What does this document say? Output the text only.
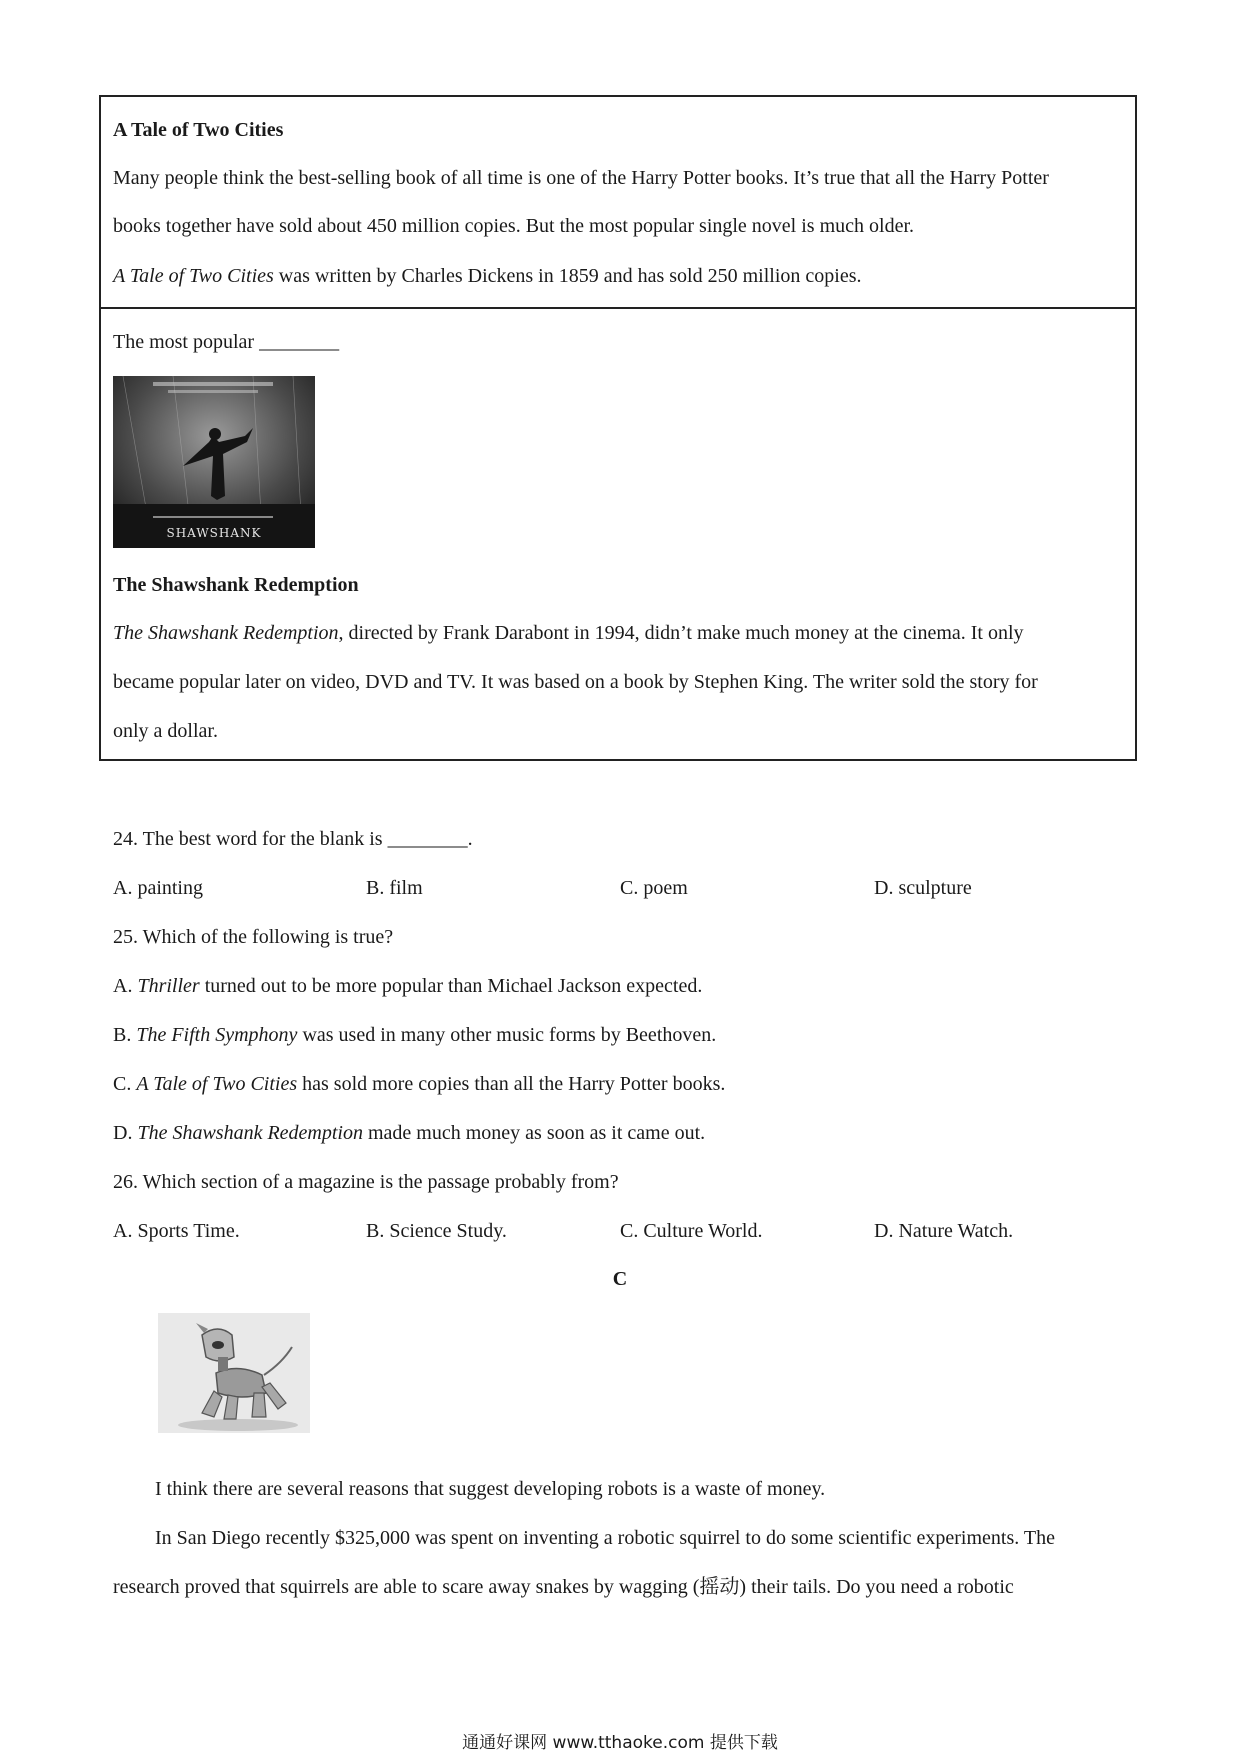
A Tale of Two Cities
Many people think the best-selling book of all time is one of the Harry Potter books. It’s true that all the Harry Potter
books together have sold about 450 million copies. But the most popular single novel is much older.
A Tale of Two Cities was written by Charles Dickens in 1859 and has sold 250 million copies.
The most popular ________
SHAWSHANK
The Shawshank Redemption
The Shawshank Redemption, directed by Frank Darabont in 1994, didn’t make much money at the cinema. It only
became popular later on video, DVD and TV. It was based on a book by Stephen King. The writer sold the story for
only a dollar.
24. The best word for the blank is ________.
A. painting	B. film	C. poem	D. sculpture
25. Which of the following is true?
A. Thriller turned out to be more popular than Michael Jackson expected.
B. The Fifth Symphony was used in many other music forms by Beethoven.
C. A Tale of Two Cities has sold more copies than all the Harry Potter books.
D. The Shawshank Redemption made much money as soon as it came out.
26. Which section of a magazine is the passage probably from?
A. Sports Time.	B. Science Study.	C. Culture World.	D. Nature Watch.
C
I think there are several reasons that suggest developing robots is a waste of money.
In San Diego recently $325,000 was spent on inventing a robotic squirrel to do some scientific experiments. The
research proved that squirrels are able to scare away snakes by wagging (摇动) their tails. Do you need a robotic
通通好课网 www.tthaoke.com 提供下载
